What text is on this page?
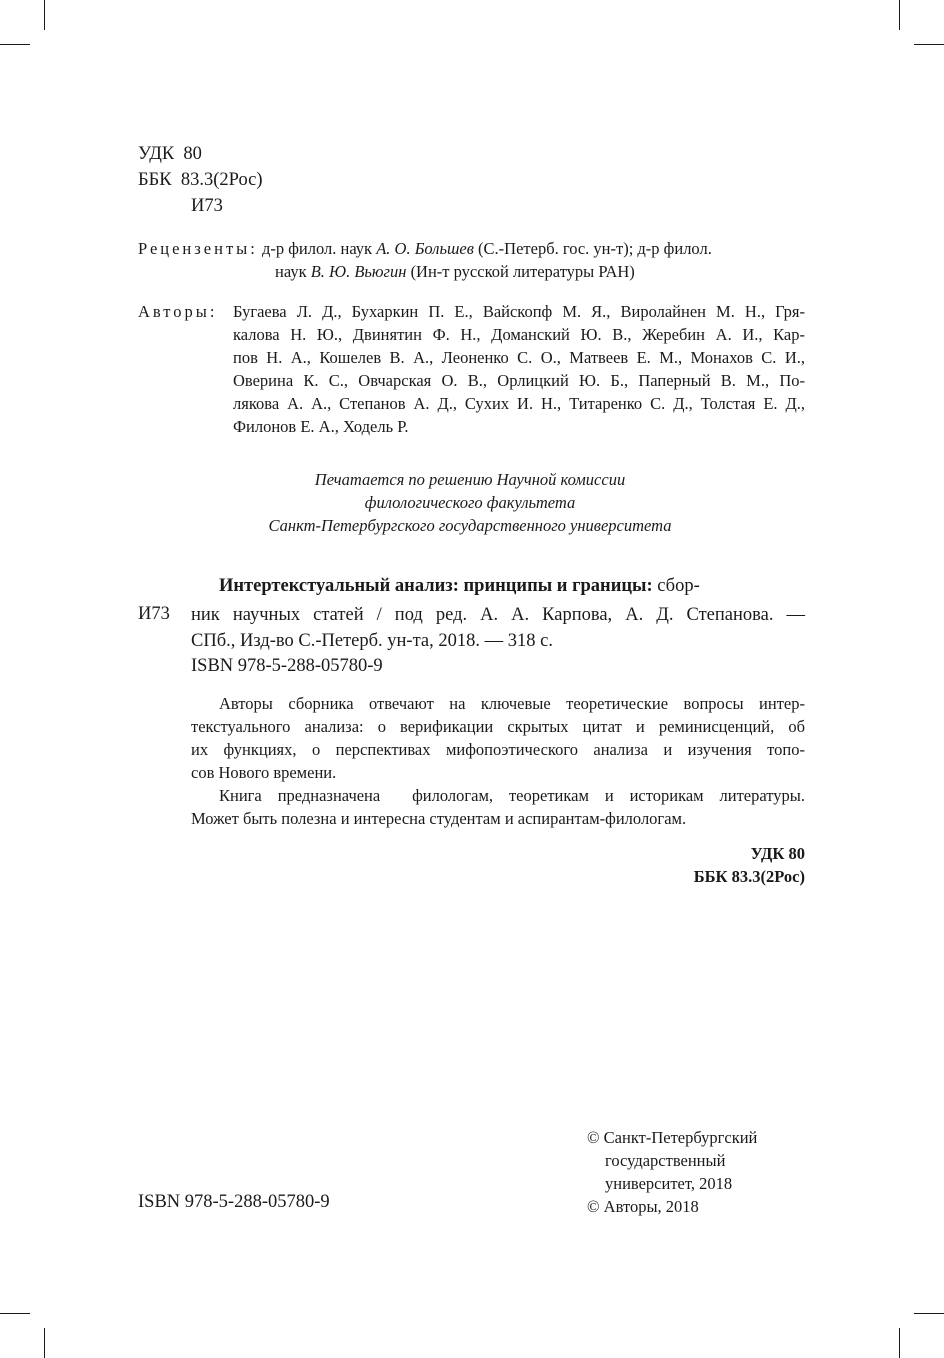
УДК  80
ББК  83.3(2Рос)
И73
Рецензенты: д-р филол. наук А. О. Большев (С.-Петерб. гос. ун-т); д-р филол.
наук В. Ю. Вьюгин (Ин-т русской литературы РАН)
Авторы: Бугаева Л. Д., Бухаркин П. Е., Вайскопф М. Я., Виролайнен М. Н., Гря-
калова Н. Ю., Двинятин Ф. Н., Доманский Ю. В., Жеребин А. И., Кар-
пов Н. А., Кошелев В. А., Леоненко С. О., Матвеев Е. М., Монахов С. И.,
Оверина К. С., Овчарская О. В., Орлицкий Ю. Б., Паперный В. М., По-
лякова А. А., Степанов А. Д., Сухих И. Н., Титаренко С. Д., Толстая Е. Д.,
Филонов Е. А., Ходель Р.
Печатается по решению Научной комиссии
филологического факультета
Санкт-Петербургского государственного университета
И73
Интертекстуальный анализ: принципы и границы: сбор-
ник научных статей / под ред. А. А. Карпова, А. Д. Степанова. —
СПб., Изд-во С.-Петерб. ун-та, 2018. — 318 с.
ISBN 978-5-288-05780-9
Авторы сборника отвечают на ключевые теоретические вопросы интер-
текстуального анализа: о верификации скрытых цитат и реминисценций, об
их функциях, о перспективах мифопоэтического анализа и изучения топо-
сов Нового времени.
Книга предназначена  филологам, теоретикам и историкам литературы.
Может быть полезна и интересна студентам и аспирантам-филологам.
УДК 80
ББК 83.3(2Рос)
© Санкт-Петербургский
государственный
университет, 2018
© Авторы, 2018
ISBN 978-5-288-05780-9
